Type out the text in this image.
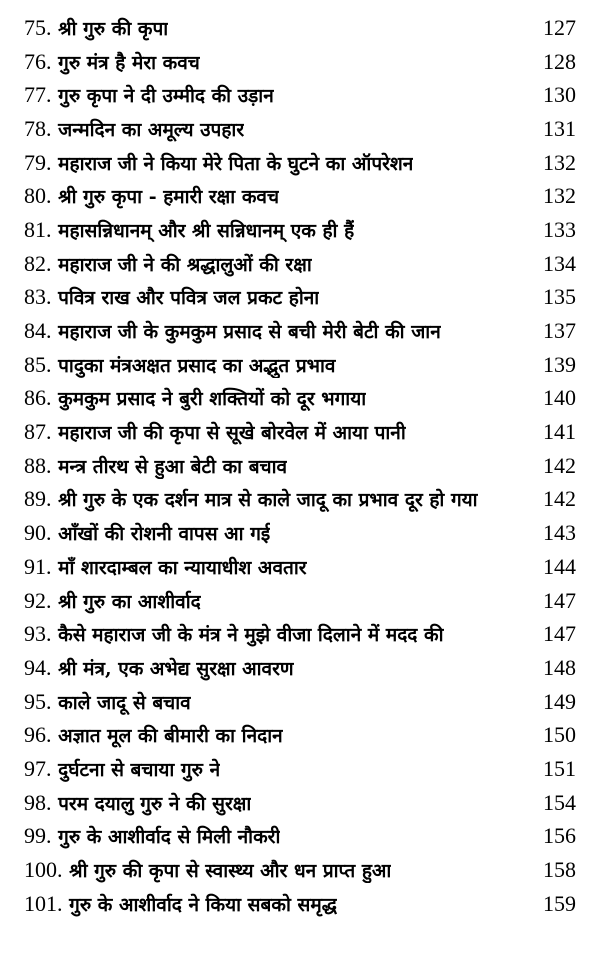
75. श्री गुरु की कृपा	127
76. गुरु मंत्र है मेरा कवच	128
77. गुरु कृपा ने दी उम्मीद की उड़ान	130
78. जन्मदिन का अमूल्य उपहार	131
79. महाराज जी ने किया मेरे पिता के घुटने का ऑपरेशन	132
80. श्री गुरु कृपा - हमारी रक्षा कवच	132
81. महासन्निधानम् और श्री सन्निधानम् एक ही हैं	133
82. महाराज जी ने की श्रद्धालुओं की रक्षा	134
83. पवित्र राख और पवित्र जल प्रकट होना	135
84. महाराज जी के कुमकुम प्रसाद से बची मेरी बेटी की जान	137
85. पादुका मंत्रअक्षत प्रसाद का अद्भुत प्रभाव	139
86. कुमकुम प्रसाद ने बुरी शक्तियों को दूर भगाया	140
87. महाराज जी की कृपा से सूखे बोरवेल में आया पानी	141
88. मन्त्र तीरथ से हुआ बेटी का बचाव	142
89. श्री गुरु के एक दर्शन मात्र से काले जादू का प्रभाव दूर हो गया	142
90. आँखों की रोशनी वापस आ गई	143
91. माँ शारदाम्बल का न्यायाधीश अवतार	144
92. श्री गुरु का आशीर्वाद	147
93. कैसे महाराज जी के मंत्र ने मुझे वीजा दिलाने में मदद की	147
94. श्री मंत्र, एक अभेद्य सुरक्षा आवरण	148
95. काले जादू से बचाव	149
96. अज्ञात मूल की बीमारी का निदान	150
97. दुर्घटना से बचाया गुरु ने	151
98. परम दयालु गुरु ने की सुरक्षा	154
99. गुरु के आशीर्वाद से मिली नौकरी	156
100. श्री गुरु की कृपा से स्वास्थ्य और धन प्राप्त हुआ	158
101. गुरु के आशीर्वाद ने किया सबको समृद्ध	159
